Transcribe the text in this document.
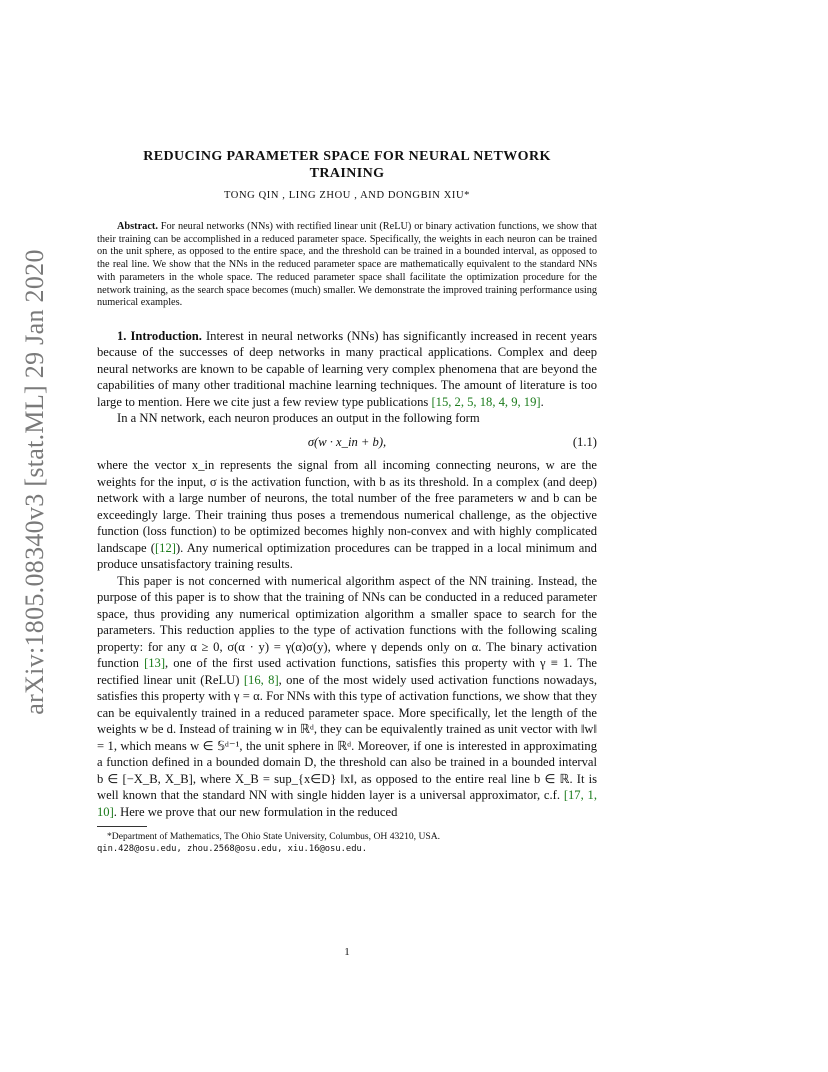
arXiv:1805.08340v3 [stat.ML] 29 Jan 2020
REDUCING PARAMETER SPACE FOR NEURAL NETWORK
TRAINING
TONG QIN , LING ZHOU , AND DONGBIN XIU*

Abstract. For neural networks (NNs) with rectified linear unit (ReLU) or binary activation functions, we show that their training can be accomplished in a reduced parameter space. Specifically, the weights in each neuron can be trained on the unit sphere, as opposed to the entire space, and the threshold can be trained in a bounded interval, as opposed to the real line. We show that the NNs in the reduced parameter space are mathematically equivalent to the standard NNs with parameters in the whole space. The reduced parameter space shall facilitate the optimization procedure for the network training, as the search space becomes (much) smaller. We demonstrate the improved training performance using numerical examples.

1. Introduction. Interest in neural networks (NNs) has significantly increased in recent years because of the successes of deep networks in many practical applications. Complex and deep neural networks are known to be capable of learning very complex phenomena that are beyond the capabilities of many other traditional machine learning techniques. The amount of literature is too large to mention. Here we cite just a few review type publications [15, 2, 5, 18, 4, 9, 19].

In a NN network, each neuron produces an output in the following form

σ(w · x_in + b),	(1.1)

where the vector x_in represents the signal from all incoming connecting neurons, w are the weights for the input, σ is the activation function, with b as its threshold. In a complex (and deep) network with a large number of neurons, the total number of the free parameters w and b can be exceedingly large. Their training thus poses a tremendous numerical challenge, as the objective function (loss function) to be optimized becomes highly non-convex and with highly complicated landscape ([12]). Any numerical optimization procedures can be trapped in a local minimum and produce unsatisfactory training results.

This paper is not concerned with numerical algorithm aspect of the NN training. Instead, the purpose of this paper is to show that the training of NNs can be conducted in a reduced parameter space, thus providing any numerical optimization algorithm a smaller space to search for the parameters. This reduction applies to the type of activation functions with the following scaling property: for any α ≥ 0, σ(α · y) = γ(α)σ(y), where γ depends only on α. The binary activation function [13], one of the first used activation functions, satisfies this property with γ ≡ 1. The rectified linear unit (ReLU) [16, 8], one of the most widely used activation functions nowadays, satisfies this property with γ = α. For NNs with this type of activation functions, we show that they can be equivalently trained in a reduced parameter space. More specifically, let the length of the weights w be d. Instead of training w in ℝᵈ, they can be equivalently trained as unit vector with ‖w‖ = 1, which means w ∈ 𝕊ᵈ⁻¹, the unit sphere in ℝᵈ. Moreover, if one is interested in approximating a function defined in a bounded domain D, the threshold can also be trained in a bounded interval b ∈ [−X_B, X_B], where X_B = sup_{x∈D} ‖x‖, as opposed to the entire real line b ∈ ℝ. It is well known that the standard NN with single hidden layer is a universal approximator, c.f. [17, 1, 10]. Here we prove that our new formulation in the reduced

*Department of Mathematics, The Ohio State University, Columbus, OH 43210, USA.
qin.428@osu.edu, zhou.2568@osu.edu, xiu.16@osu.edu.
1
